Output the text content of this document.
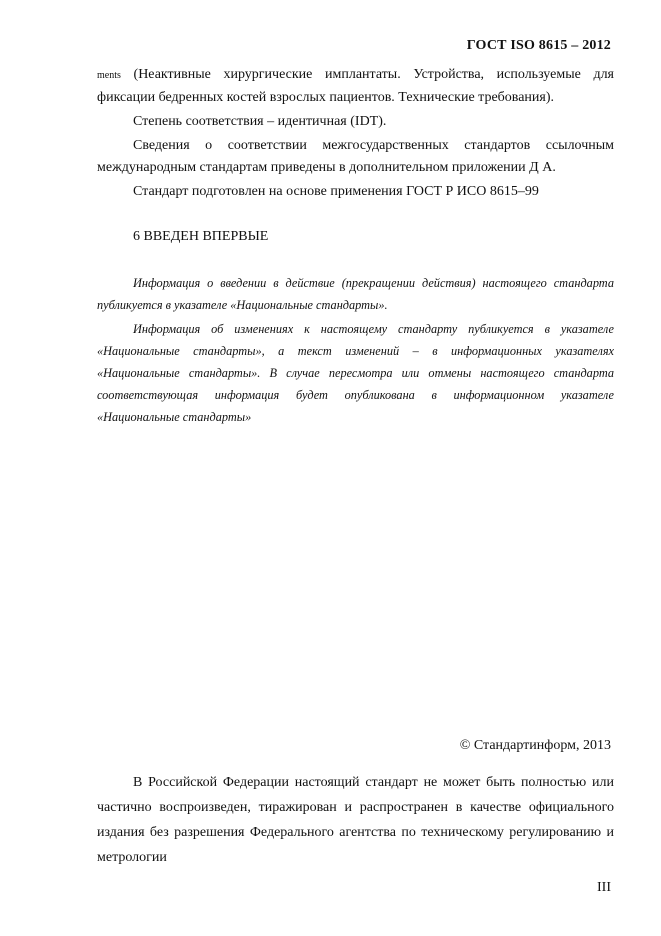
ГОСТ ISO 8615 – 2012

ments (Неактивные хирургические имплантаты. Устройства, используемые для фиксации бедренных костей взрослых пациентов. Технические требования).

Степень соответствия – идентичная (IDT).

Сведения о соответствии межгосударственных стандартов ссылочным международным стандартам приведены в дополнительном приложении Д А.

Стандарт подготовлен на основе применения ГОСТ Р ИСО 8615–99

6 ВВЕДЕН ВПЕРВЫЕ

Информация о введении в действие (прекращении действия) настоящего стандарта публикуется в указателе «Национальные стандарты».

Информация об изменениях к настоящему стандарту публикуется в указателе «Национальные стандарты», а текст изменений – в информационных указателях «Национальные стандарты». В случае пересмотра или отмены настоящего стандарта соответствующая информация будет опубликована в информационном указателе «Национальные стандарты»

© Стандартинформ, 2013

В Российской Федерации настоящий стандарт не может быть полностью или частично воспроизведен, тиражирован и распространен в качестве официального издания без разрешения Федерального агентства по техническому регулированию и метрологии

III
